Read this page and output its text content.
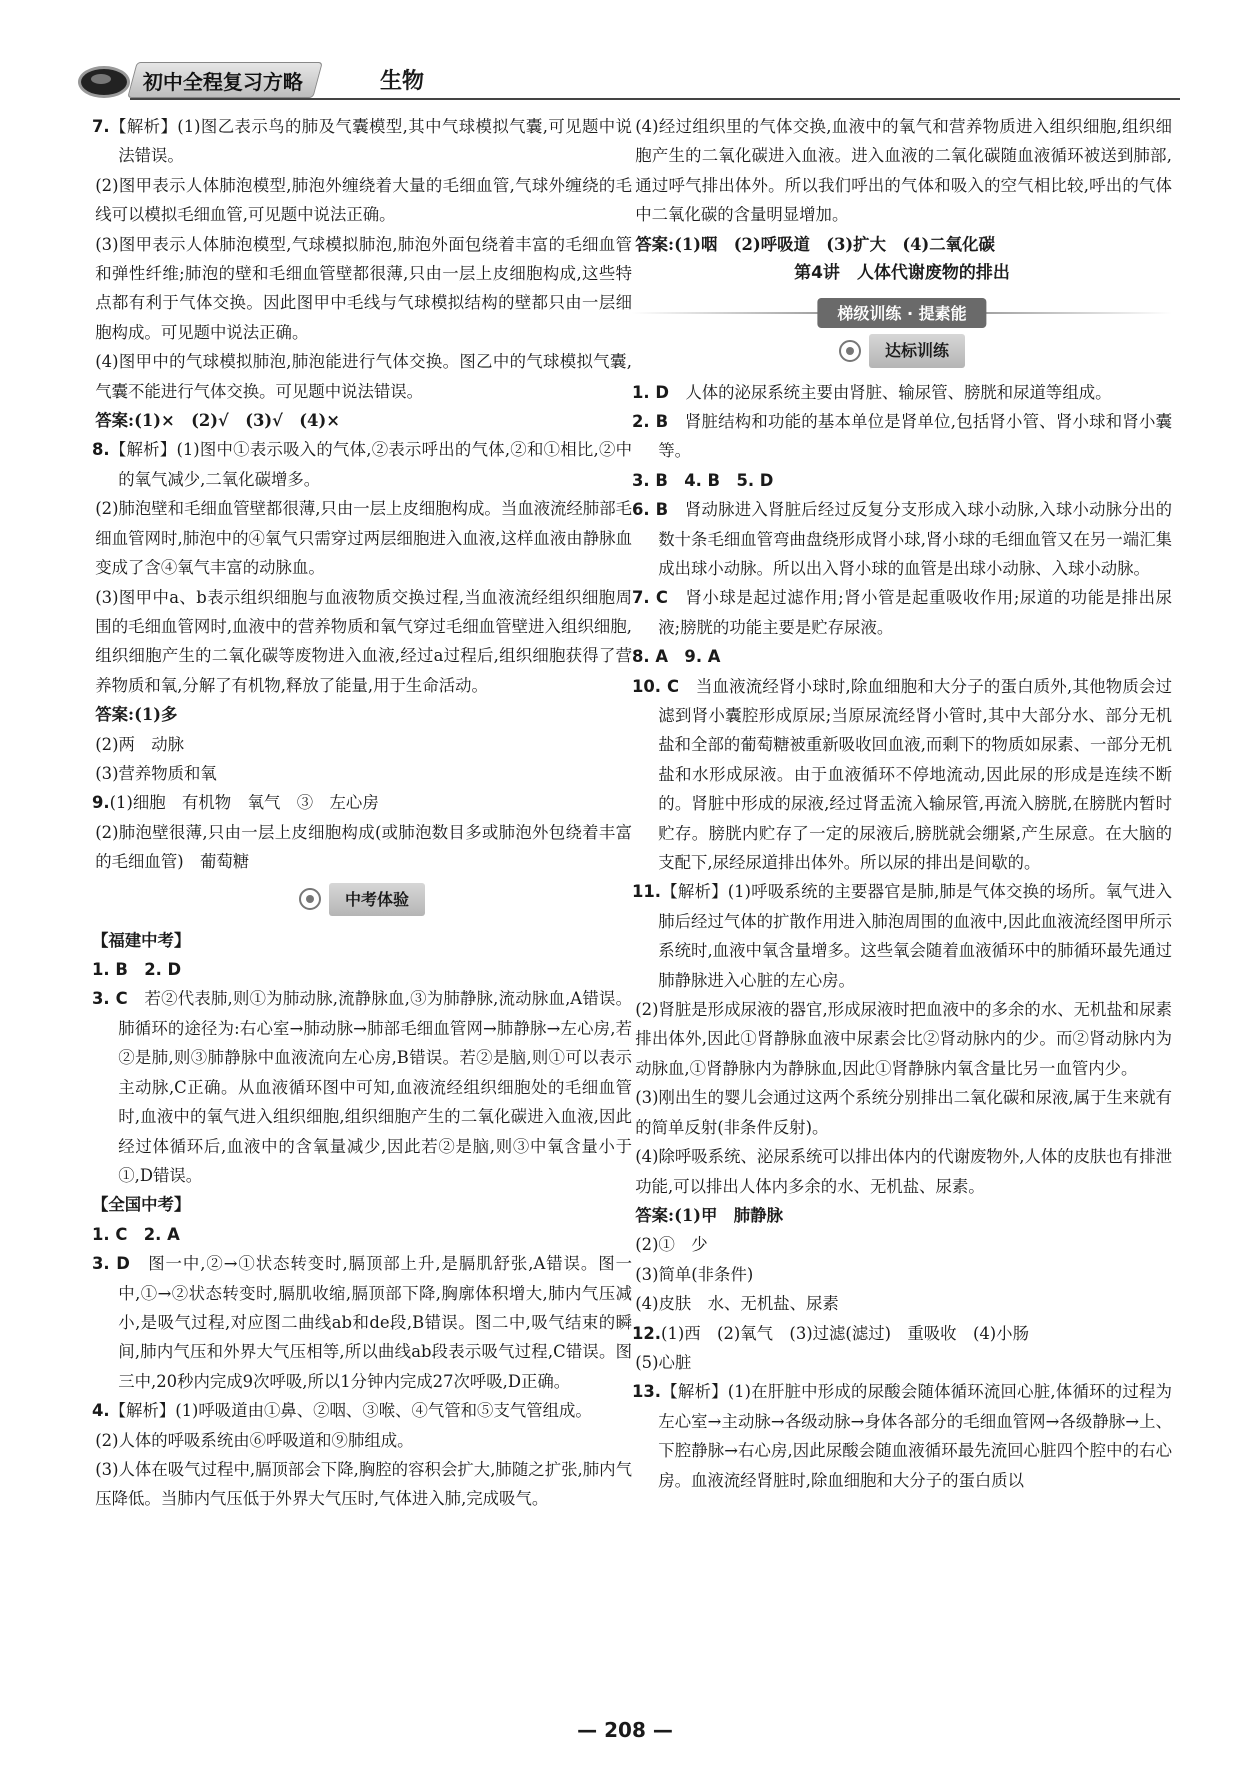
初中全程复习方略	生物

7.【解析】(1)图乙表示鸟的肺及气囊模型,其中气球模拟气囊,可见题中说法错误。

(2)图甲表示人体肺泡模型,肺泡外缠绕着大量的毛细血管,气球外缠绕的毛线可以模拟毛细血管,可见题中说法正确。

(3)图甲表示人体肺泡模型,气球模拟肺泡,肺泡外面包绕着丰富的毛细血管和弹性纤维;肺泡的壁和毛细血管壁都很薄,只由一层上皮细胞构成,这些特点都有利于气体交换。因此图甲中毛线与气球模拟结构的壁都只由一层细胞构成。可见题中说法正确。

(4)图甲中的气球模拟肺泡,肺泡能进行气体交换。图乙中的气球模拟气囊,气囊不能进行气体交换。可见题中说法错误。

答案:(1)×　(2)√　(3)√　(4)×

8.【解析】(1)图中①表示吸入的气体,②表示呼出的气体,②和①相比,②中的氧气减少,二氧化碳增多。

(2)肺泡壁和毛细血管壁都很薄,只由一层上皮细胞构成。当血液流经肺部毛细血管网时,肺泡中的④氧气只需穿过两层细胞进入血液,这样血液由静脉血变成了含④氧气丰富的动脉血。

(3)图甲中a、b表示组织细胞与血液物质交换过程,当血液流经组织细胞周围的毛细血管网时,血液中的营养物质和氧气穿过毛细血管壁进入组织细胞,组织细胞产生的二氧化碳等废物进入血液,经过a过程后,组织细胞获得了营养物质和氧,分解了有机物,释放了能量,用于生命活动。

答案:(1)多

(2)两　动脉

(3)营养物质和氧

9.(1)细胞　有机物　氧气　③　左心房

(2)肺泡壁很薄,只由一层上皮细胞构成(或肺泡数目多或肺泡外包绕着丰富的毛细血管)　葡萄糖

中考体验

【福建中考】

1. B　2. D

3. C　若②代表肺,则①为肺动脉,流静脉血,③为肺静脉,流动脉血,A错误。肺循环的途径为:右心室→肺动脉→肺部毛细血管网→肺静脉→左心房,若②是肺,则③肺静脉中血液流向左心房,B错误。若②是脑,则①可以表示主动脉,C正确。从血液循环图中可知,血液流经组织细胞处的毛细血管时,血液中的氧气进入组织细胞,组织细胞产生的二氧化碳进入血液,因此经过体循环后,血液中的含氧量减少,因此若②是脑,则③中氧含量小于①,D错误。

【全国中考】

1. C　2. A

3. D　图一中,②→①状态转变时,膈顶部上升,是膈肌舒张,A错误。图一中,①→②状态转变时,膈肌收缩,膈顶部下降,胸廓体积增大,肺内气压减小,是吸气过程,对应图二曲线ab和de段,B错误。图二中,吸气结束的瞬间,肺内气压和外界大气压相等,所以曲线ab段表示吸气过程,C错误。图三中,20秒内完成9次呼吸,所以1分钟内完成27次呼吸,D正确。

4.【解析】(1)呼吸道由①鼻、②咽、③喉、④气管和⑤支气管组成。

(2)人体的呼吸系统由⑥呼吸道和⑨肺组成。

(3)人体在吸气过程中,膈顶部会下降,胸腔的容积会扩大,肺随之扩张,肺内气压降低。当肺内气压低于外界大气压时,气体进入肺,完成吸气。

(4)经过组织里的气体交换,血液中的氧气和营养物质进入组织细胞,组织细胞产生的二氧化碳进入血液。进入血液的二氧化碳随血液循环被送到肺部,通过呼气排出体外。所以我们呼出的气体和吸入的空气相比较,呼出的气体中二氧化碳的含量明显增加。

答案:(1)咽　(2)呼吸道　(3)扩大　(4)二氧化碳

第4讲　人体代谢废物的排出

梯级训练 · 提素能
达标训练

1. D　人体的泌尿系统主要由肾脏、输尿管、膀胱和尿道等组成。

2. B　肾脏结构和功能的基本单位是肾单位,包括肾小管、肾小球和肾小囊等。

3. B　4. B　5. D

6. B　肾动脉进入肾脏后经过反复分支形成入球小动脉,入球小动脉分出的数十条毛细血管弯曲盘绕形成肾小球,肾小球的毛细血管又在另一端汇集成出球小动脉。所以出入肾小球的血管是出球小动脉、入球小动脉。

7. C　肾小球是起过滤作用;肾小管是起重吸收作用;尿道的功能是排出尿液;膀胱的功能主要是贮存尿液。

8. A　9. A

10. C　当血液流经肾小球时,除血细胞和大分子的蛋白质外,其他物质会过滤到肾小囊腔形成原尿;当原尿流经肾小管时,其中大部分水、部分无机盐和全部的葡萄糖被重新吸收回血液,而剩下的物质如尿素、一部分无机盐和水形成尿液。由于血液循环不停地流动,因此尿的形成是连续不断的。肾脏中形成的尿液,经过肾盂流入输尿管,再流入膀胱,在膀胱内暂时贮存。膀胱内贮存了一定的尿液后,膀胱就会绷紧,产生尿意。在大脑的支配下,尿经尿道排出体外。所以尿的排出是间歇的。

11.【解析】(1)呼吸系统的主要器官是肺,肺是气体交换的场所。氧气进入肺后经过气体的扩散作用进入肺泡周围的血液中,因此血液流经图甲所示系统时,血液中氧含量增多。这些氧会随着血液循环中的肺循环最先通过肺静脉进入心脏的左心房。

(2)肾脏是形成尿液的器官,形成尿液时把血液中的多余的水、无机盐和尿素排出体外,因此①肾静脉血液中尿素会比②肾动脉内的少。而②肾动脉内为动脉血,①肾静脉内为静脉血,因此①肾静脉内氧含量比另一血管内少。

(3)刚出生的婴儿会通过这两个系统分别排出二氧化碳和尿液,属于生来就有的简单反射(非条件反射)。

(4)除呼吸系统、泌尿系统可以排出体内的代谢废物外,人体的皮肤也有排泄功能,可以排出人体内多余的水、无机盐、尿素。

答案:(1)甲　肺静脉

(2)①　少

(3)简单(非条件)

(4)皮肤　水、无机盐、尿素

12.(1)西　(2)氧气　(3)过滤(滤过)　重吸收　(4)小肠

(5)心脏

13.【解析】(1)在肝脏中形成的尿酸会随体循环流回心脏,体循环的过程为左心室→主动脉→各级动脉→身体各部分的毛细血管网→各级静脉→上、下腔静脉→右心房,因此尿酸会随血液循环最先流回心脏四个腔中的右心房。血液流经肾脏时,除血细胞和大分子的蛋白质以

— 208 —
